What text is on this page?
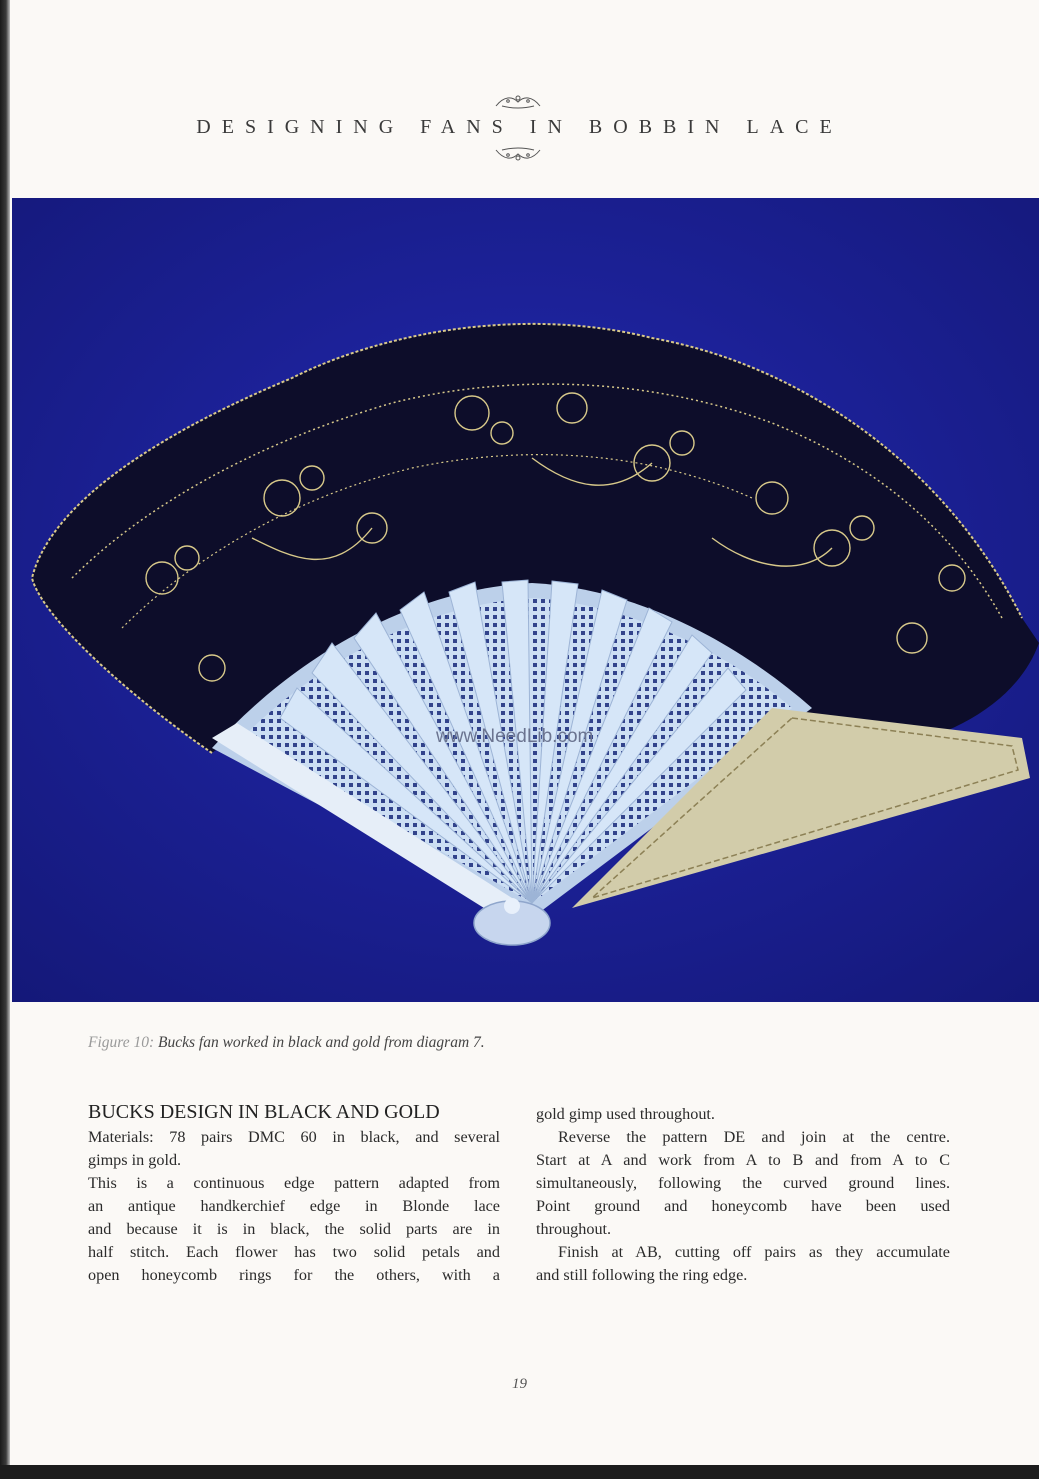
DESIGNING FANS IN BOBBIN LACE
www.NeedLib.com
Figure 10: Bucks fan worked in black and gold from diagram 7.
BUCKS DESIGN IN BLACK AND GOLD

Materials: 78 pairs DMC 60 in black, and several

gimps in gold.

This is a continuous edge pattern adapted from

an antique handkerchief edge in Blonde lace

and because it is in black, the solid parts are in

half stitch. Each flower has two solid petals and

open honeycomb rings for the others, with a

gold gimp used throughout.

Reverse the pattern DE and join at the centre.

Start at A and work from A to B and from A to C

simultaneously, following the curved ground lines.

Point ground and honeycomb have been used

throughout.

Finish at AB, cutting off pairs as they accumulate

and still following the ring edge.

19
